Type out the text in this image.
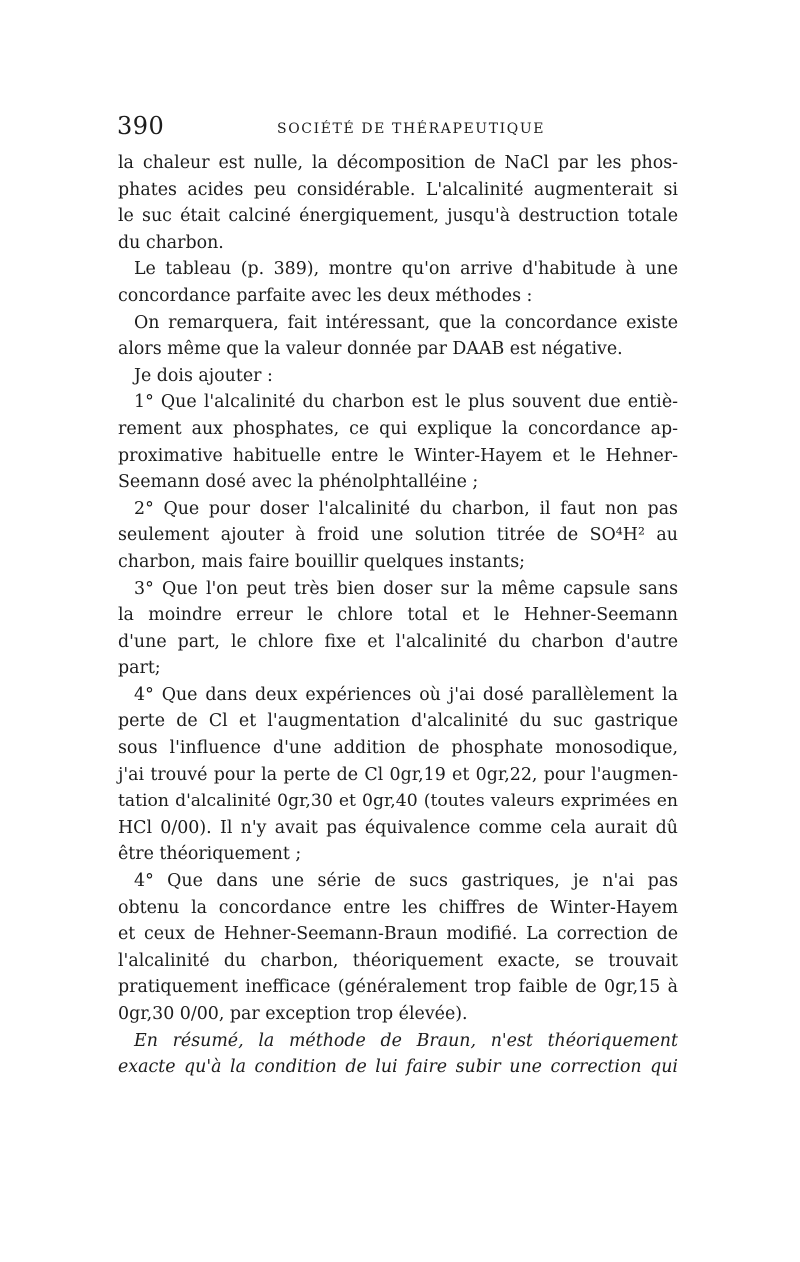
390	SOCIÉTÉ DE THÉRAPEUTIQUE
la chaleur est nulle, la décomposition de NaCl par les phos-
phates acides peu considérable. L'alcalinité augmenterait si
le suc était calciné énergiquement, jusqu'à destruction totale
du charbon.
Le tableau (p. 389), montre qu'on arrive d'habitude à une
concordance parfaite avec les deux méthodes :
On remarquera, fait intéressant, que la concordance existe
alors même que la valeur donnée par DAAB est négative.
Je dois ajouter :
1° Que l'alcalinité du charbon est le plus souvent due entiè-
rement aux phosphates, ce qui explique la concordance ap-
proximative habituelle entre le Winter-Hayem et le Hehner-
Seemann dosé avec la phénolphtalléine ;
2° Que pour doser l'alcalinité du charbon, il faut non pas
seulement ajouter à froid une solution titrée de SO⁴H² au
charbon, mais faire bouillir quelques instants;
3° Que l'on peut très bien doser sur la même capsule sans
la moindre erreur le chlore total et le Hehner-Seemann
d'une part, le chlore fixe et l'alcalinité du charbon d'autre
part;
4° Que dans deux expériences où j'ai dosé parallèlement la
perte de Cl et l'augmentation d'alcalinité du suc gastrique
sous l'influence d'une addition de phosphate monosodique,
j'ai trouvé pour la perte de Cl 0gr,19 et 0gr,22, pour l'augmen-
tation d'alcalinité 0gr,30 et 0gr,40 (toutes valeurs exprimées en
HCl 0/00). Il n'y avait pas équivalence comme cela aurait dû
être théoriquement ;
4° Que dans une série de sucs gastriques, je n'ai pas
obtenu la concordance entre les chiffres de Winter-Hayem
et ceux de Hehner-Seemann-Braun modifié. La correction de
l'alcalinité du charbon, théoriquement exacte, se trouvait
pratiquement inefficace (généralement trop faible de 0gr,15 à
0gr,30 0/00, par exception trop élevée).
En résumé, la méthode de Braun, n'est théoriquement
exacte qu'à la condition de lui faire subir une correction qui
